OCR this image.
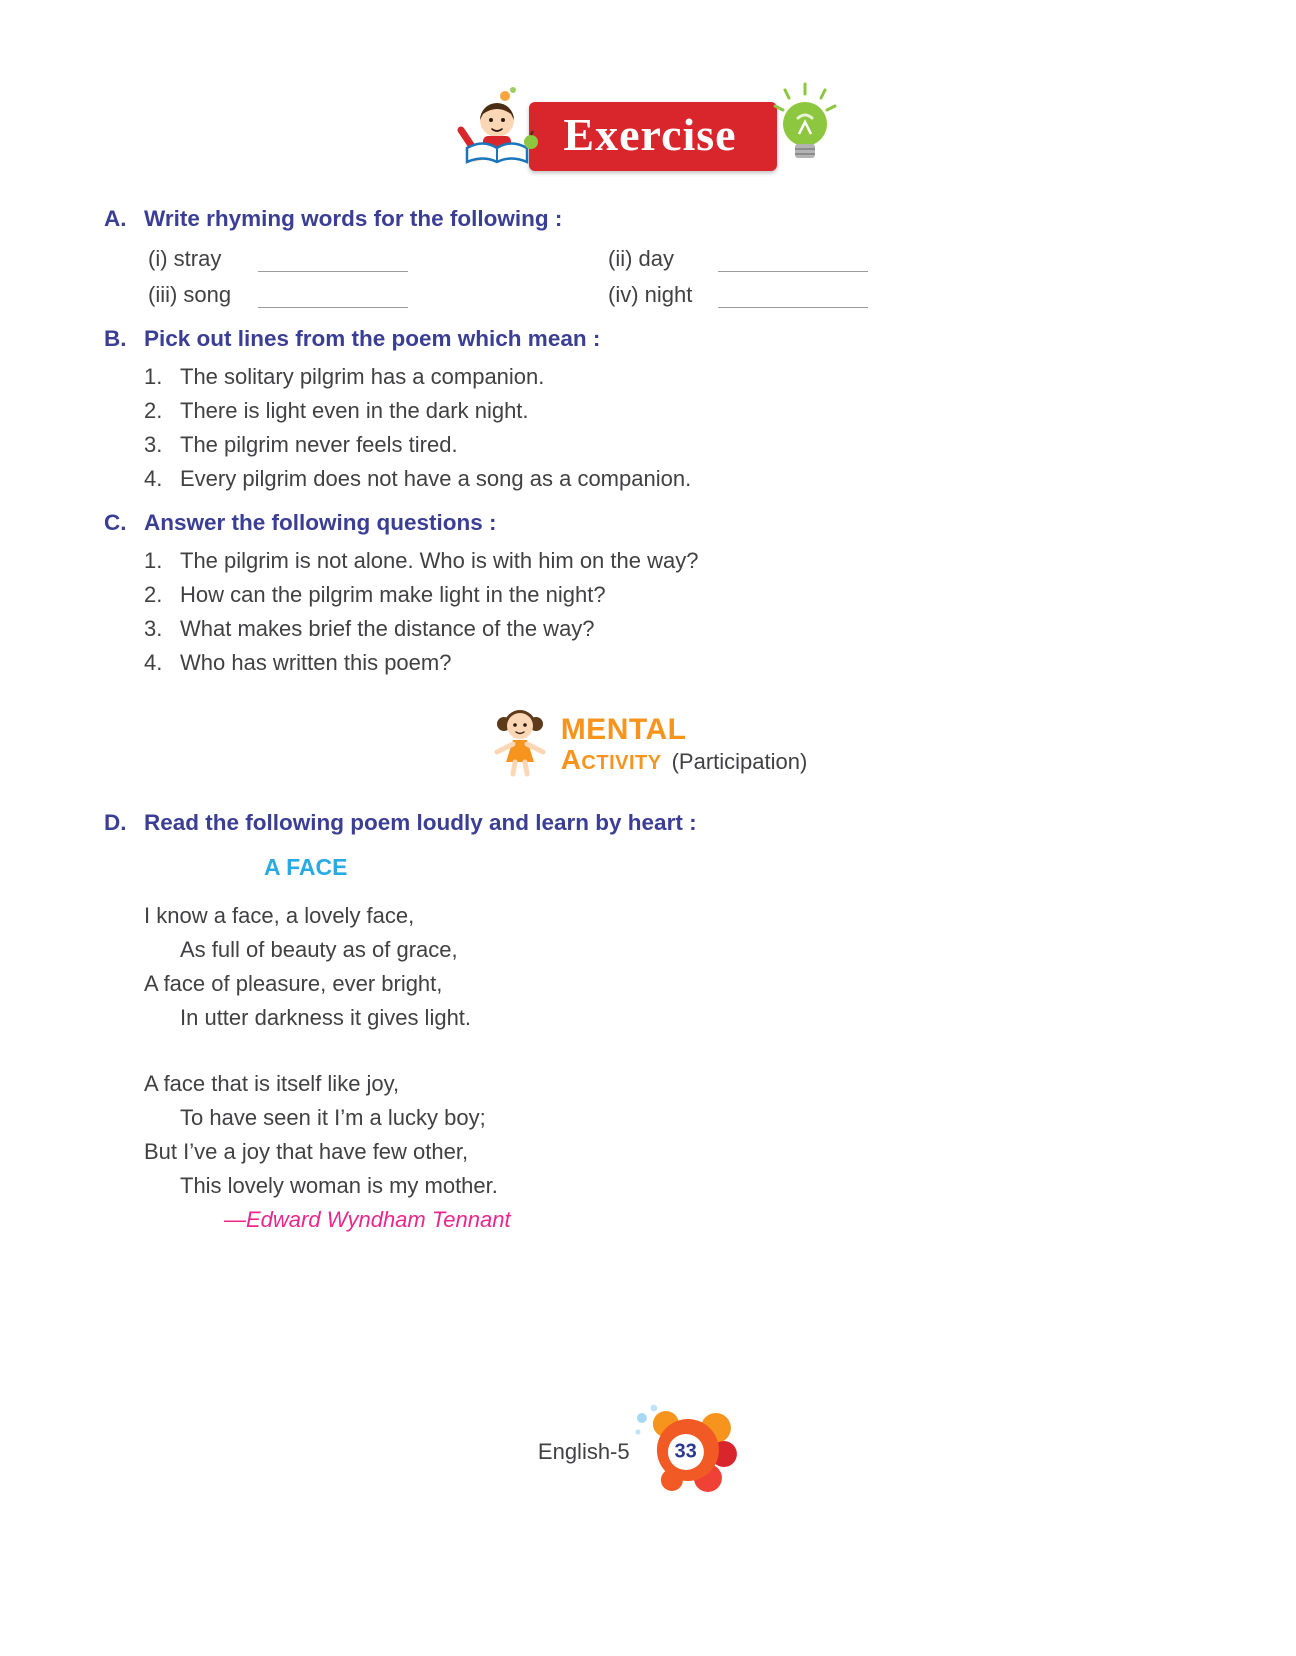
Exercise
A. Write rhyming words for the following :
(i) stray	(ii) day
(iii) song	(iv) night
B. Pick out lines from the poem which mean :
1. The solitary pilgrim has a companion.
2. There is light even in the dark night.
3. The pilgrim never feels tired.
4. Every pilgrim does not have a song as a companion.
C. Answer the following questions :
1. The pilgrim is not alone. Who is with him on the way?
2. How can the pilgrim make light in the night?
3. What makes brief the distance of the way?
4. Who has written this poem?
MENTAL
Activity (Participation)
D. Read the following poem loudly and learn by heart :
A FACE
I know a face, a lovely face,
As full of beauty as of grace,
A face of pleasure, ever bright,
In utter darkness it gives light.
A face that is itself like joy,
To have seen it I’m a lucky boy;
But I’ve a joy that have few other,
This lovely woman is my mother.
—Edward Wyndham Tennant
English-5 33
